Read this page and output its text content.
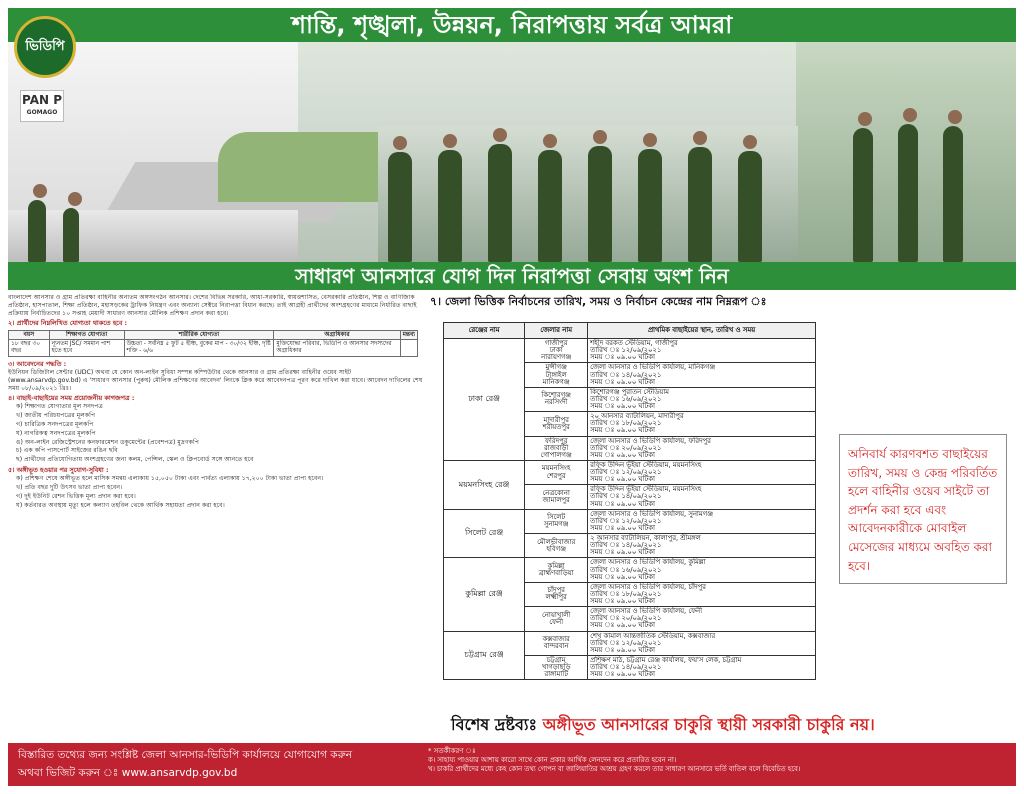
শান্তি, শৃঙ্খলা, উন্নয়ন, নিরাপত্তায় সর্বত্র আমরা
ভিডিপি
PAN P
GOMAGO
সাধারণ আনসারে যোগ দিন নিরাপত্তা সেবায় অংশ নিন

বাংলাদেশ আনসার ও গ্রাম প্রতিরক্ষা বাহিনীর অন্যতম অঙ্গসংগঠন আনসার। দেশের বিভিন্ন সরকারি, আধা-সরকারি, স্বায়ত্তশাসিত, বেসরকারি প্রতিষ্ঠান, শিল্প ও বাণিজ্যিক প্রতিষ্ঠান, হাসপাতাল, শিক্ষা প্রতিষ্ঠান, মহাসড়কের ট্রাফিক নিয়ন্ত্রণ এবং অন্যান্য সেক্টরে নিরাপত্তা বিধান করছে। তাই আগ্রহী প্রার্থীদের অংশগ্রহণের মাধ্যমে নির্ধারিত বাছাই প্রক্রিয়ায় নির্বাচিতদের ১০ সপ্তাহ মেয়াদী সাধারণ আনসার মৌলিক প্রশিক্ষণ প্রদান করা হবে।

২। প্রার্থীদের নিম্নলিখিত যোগ্যতা থাকতে হবে :
বয়স	শিক্ষাগত যোগ্যতা	শারীরিক যোগ্যতা	অগ্রাধিকার	মন্তব্য
১৮ বছর ৩০ বছর	ন্যূনতম JSC/ সমমান পাশ হতে হবে	উচ্চতা - সর্বনিম্ন ৫ ফুট ৫ ইঞ্চি, বুকের মাপ - ৩০/৩২ ইঞ্চি, দৃষ্টি শক্তি - ৬/৬	মুক্তিযোদ্ধা পরিবার, ভিডিপি ও আনসার সদস্যদের অগ্রাধিকার	
৩। আবেদনের পদ্ধতি :

ইউনিয়ন ডিজিটাল সেন্টার (UDC) অথবা যে কোন অন-লাইন সুবিধা সম্পন্ন কম্পিউটার থেকে আনসার ও গ্রাম প্রতিরক্ষা বাহিনীর ওয়েব সাইট (www.ansarvdp.gov.bd) এ 'সাধারণ আনসার (পুরুষ) মৌলিক প্রশিক্ষণের আবেদন' লিংকে ক্লিক করে আবেদনপত্র পূরণ করে দাখিল করা যাবে। আবেদন দাখিলের শেষ সময় ০৮/০৯/২০২১ খ্রিঃ।

৪। বাছাই-বাছাইয়ের সময় প্রয়োজনীয় কাগজপত্র :
ক) শিক্ষাগত যোগ্যতার মূল সনদপত্র
খ) জাতীয় পরিচয়পত্রের মূলকপি
গ) চারিত্রিক সনদপত্রের মূলকপি
ঘ) নাগরিকত্ব সনদপত্রের মূলকপি
ঙ) অন-লাইন রেজিস্ট্রেশনের কনফারমেশন ডকুমেন্টের (প্রবেশপত্র) মুদ্রণকপি
চ) এক কপি পাসপোর্ট সাইজের রঙিন ছবি
ছ) প্রার্থীদের প্রতিযোগিতায় অংশগ্রহণের জন্য কলম, পেন্সিল, স্কেল ও ক্লিপবোর্ড সঙ্গে আনতে হবে
৫। অঙ্গীভূত হওয়ার পর সুযোগ-সুবিধা :
ক) প্রশিক্ষণ শেষে অঙ্গীভূত হলে মাসিক সমন্বয় এলাকায় ১৫,০৫০ টাকা এবং পার্বত্য এলাকায় ১৭,২০০ টাকা ভাতা প্রাপ্য হবেন।
খ) প্রতি বছর দুটি উৎসব ভাতা প্রাপ্য হবেন।
গ) দুই ইউনিট রেশন ভিত্তিক মূল্য প্রদান করা হবে।
ঘ) কর্তব্যরত অবস্থায় মৃত্যু হলে কল্যাণ তহবিল থেকে আর্থিক সহায়তা প্রদান করা হবে।
৭। জেলা ভিত্তিক নির্বাচনের তারিখ, সময় ও নির্বাচন কেন্দ্রের নাম নিম্নরূপ ঃ
রেঞ্জের নাম	জেলার নাম	প্রাথমিক বাছাইয়ের স্থান, তারিখ ও সময়
ঢাকা রেঞ্জ	গাজীপুর
ঢাকা
নারায়ণগঞ্জ	শহীদ বরকত স্টেডিয়াম, গাজীপুর
তারিখ ঃ ১২/০৯/২০২১
সময় ঃ ০৯.০০ ঘটিকা
	মুন্সীগঞ্জ
টাঙ্গাইল
মানিকগঞ্জ	জেলা আনসার ও ভিডিপি কার্যালয়, মানিকগঞ্জ
তারিখ ঃ ১৪/০৯/২০২১
সময় ঃ ০৯.০০ ঘটিকা
	কিশোরগঞ্জ
নরসিংদী	কিশোরগঞ্জ পুরাতন স্টেডিয়াম
তারিখ ঃ ১৬/০৯/২০২১
সময় ঃ ০৯.০০ ঘটিকা
	মাদারীপুর
শরীয়তপুর	২০ আনসার ব্যাটালিয়ন, মাদারীপুর
তারিখ ঃ ১৮/০৯/২০২১
সময় ঃ ০৯.০০ ঘটিকা
	ফরিদপুর
রাজবাড়ী
গোপালগঞ্জ	জেলা আনসার ও ভিডিপি কার্যালয়, ফরিদপুর
তারিখ ঃ ২০/০৯/২০২১
সময় ঃ ০৯.০০ ঘটিকা
ময়মনসিংহ রেঞ্জ	ময়মনসিংহ
শেরপুর	রফিক উদ্দিন ভূঁইয়া স্টেডিয়াম, ময়মনসিংহ
তারিখ ঃ ১২/০৯/২০২১
সময় ঃ ০৯.০০ ঘটিকা
	নেত্রকোনা
জামালপুর	রফিক উদ্দিন ভূঁইয়া স্টেডিয়াম, ময়মনসিংহ
তারিখ ঃ ১৪/০৯/২০২১
সময় ঃ ০৯.০০ ঘটিকা
সিলেট রেঞ্জ	সিলেট
সুনামগঞ্জ	জেলা আনসার ও ভিডিপি কার্যালয়, সুনামগঞ্জ
তারিখ ঃ ১২/০৯/২০২১
সময় ঃ ০৯.০০ ঘটিকা
	মৌলভীবাজার
হবিগঞ্জ	২ আনসার ব্যাটালিয়ন, কালাপুর, শ্রীমঙ্গল
তারিখ ঃ ১৪/০৯/২০২১
সময় ঃ ০৯.০০ ঘটিকা
কুমিল্লা রেঞ্জ	কুমিল্লা
ব্রাহ্মণবাড়িয়া	জেলা আনসার ও ভিডিপি কার্যালয়, কুমিল্লা
তারিখ ঃ ১৬/০৯/২০২১
সময় ঃ ০৯.০০ ঘটিকা
	চাঁদপুর
লক্ষ্মীপুর	জেলা আনসার ও ভিডিপি কার্যালয়, চাঁদপুর
তারিখ ঃ ১৮/০৯/২০২১
সময় ঃ ০৯.০০ ঘটিকা
	নোয়াখালী
ফেনী	জেলা আনসার ও ভিডিপি কার্যালয়, ফেনী
তারিখ ঃ ২০/০৯/২০২১
সময় ঃ ০৯.০০ ঘটিকা
চট্টগ্রাম রেঞ্জ	কক্সবাজার
বান্দরবান	শেখ কামাল আন্তর্জাতিক স্টেডিয়াম, কক্সবাজার
তারিখ ঃ ১২/০৯/২০২১
সময় ঃ ০৯.০০ ঘটিকা
	চট্টগ্রাম
খাগড়াছড়ি
রাঙ্গামাটি	প্রশিক্ষণ মাঠ, চট্টগ্রাম রেঞ্জ কার্যালয়, ফয়'স লেক, চট্টগ্রাম
তারিখ ঃ ১৪/০৯/২০২১
সময় ঃ ০৯.০০ ঘটিকা
অনিবার্য কারণবশত বাছাইয়ের তারিখ, সময় ও কেন্দ্র পরিবর্তিত হলে বাহিনীর ওয়েব সাইটে তা প্রদর্শন করা হবে এবং আবেদনকারীকে মোবাইল মেসেজের মাধ্যমে অবহিত করা হবে।
বিশেষ দ্রষ্টব্যঃ অঙ্গীভূত আনসারের চাকুরি স্থায়ী সরকারী চাকুরি নয়।
বিস্তারিত তথ্যের জন্য সংশ্লিষ্ট জেলা আনসার-ভিডিপি কার্যালয়ে যোগাযোগ করুন
অথবা ভিজিট করুন ঃ www.ansarvdp.gov.bd
* সতর্কীকরণ ঃ
ক। সাহায্য পাওয়ার আশায় কারো সাথে কোন প্রকার আর্থিক লেনদেন করে প্রতারিত হবেন না।
খ। চাকরি প্রার্থীদের মধ্যে কেহ কোন তথ্য গোপন বা জালিয়াতির আশ্রয় গ্রহণ করলে তার সাধারণ আনসারে ভর্তি বাতিল বলে বিবেচিত হবে।
